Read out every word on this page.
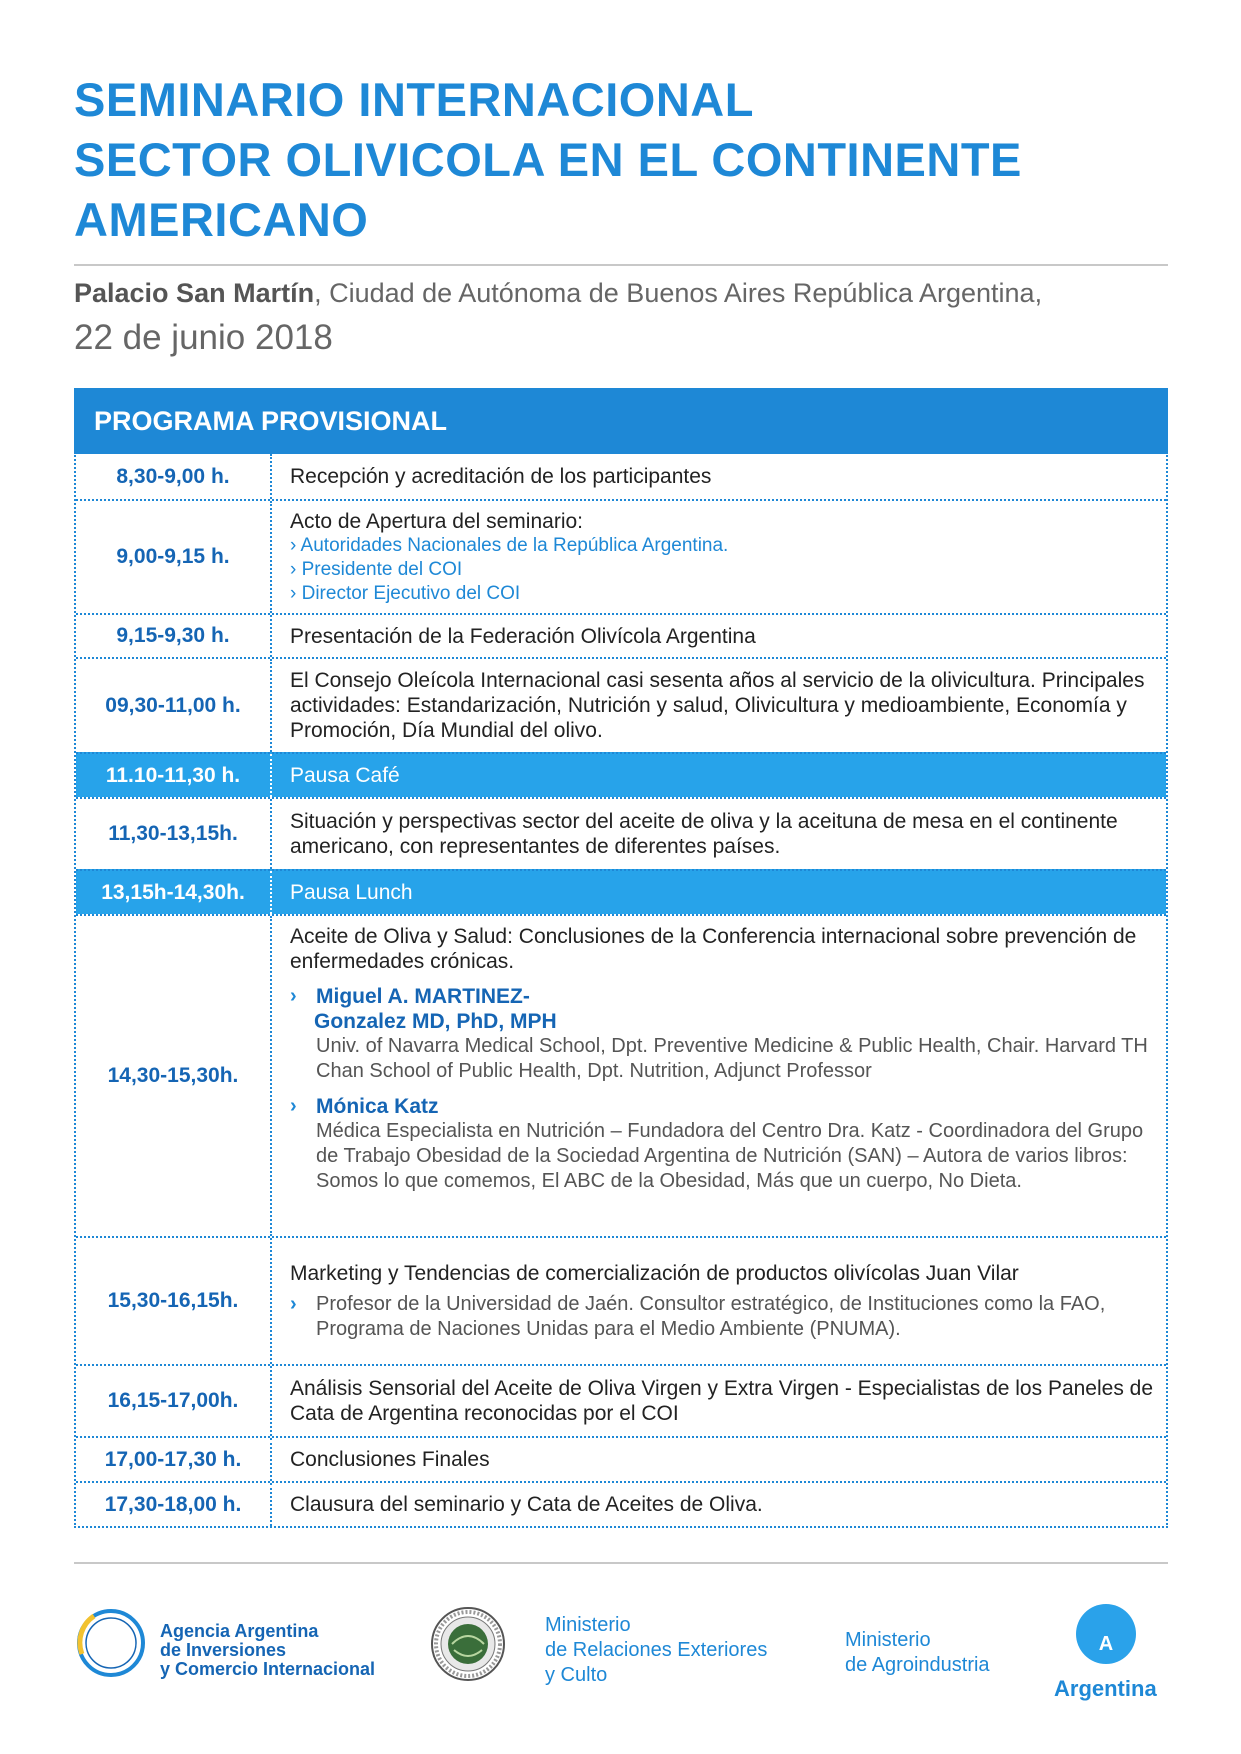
SEMINARIO INTERNACIONAL
SECTOR OLIVICOLA EN EL CONTINENTE
AMERICANO
Palacio San Martín, Ciudad de Autónoma de Buenos Aires República Argentina,
22 de junio 2018
PROGRAMA PROVISIONAL
8,30-9,00 h.	Recepción y acreditación de los participantes
9,00-9,15 h.
Acto de Apertura del seminario:
› Autoridades Nacionales de la República Argentina.
› Presidente del COI
› Director Ejecutivo del COI
9,15-9,30 h.	Presentación de la Federación Olivícola Argentina
09,30-11,00 h.
El Consejo Oleícola Internacional casi sesenta años al servicio de la olivicultura. Principales actividades: Estandarización, Nutrición y salud, Olivicultura y medioambiente, Economía y Promoción, Día Mundial del olivo.
11.10-11,30 h.	Pausa Café
11,30-13,15h.
Situación y perspectivas sector del aceite de oliva y la aceituna de mesa en el continente americano, con representantes de diferentes países.
13,15h-14,30h.	Pausa Lunch
14,30-15,30h.
Aceite de Oliva y Salud: Conclusiones de la Conferencia internacional sobre prevención de enfermedades crónicas.
› Miguel A. MARTINEZ-
Gonzalez MD, PhD, MPH
Univ. of Navarra Medical School, Dpt. Preventive Medicine & Public Health, Chair. Harvard TH Chan School of Public Health, Dpt. Nutrition, Adjunct Professor
› Mónica Katz
Médica Especialista en Nutrición – Fundadora del Centro Dra. Katz - Coordinadora del Grupo de Trabajo Obesidad de la Sociedad Argentina de Nutrición (SAN) – Autora de varios libros: Somos lo que comemos, El ABC de la Obesidad, Más que un cuerpo, No Dieta.
15,30-16,15h.
Marketing y Tendencias de comercialización de productos olivícolas Juan Vilar
› Profesor de la Universidad de Jaén. Consultor estratégico, de Instituciones como la FAO, Programa de Naciones Unidas para el Medio Ambiente (PNUMA).
16,15-17,00h.
Análisis Sensorial del Aceite de Oliva Virgen y Extra Virgen - Especialistas de los Paneles de Cata de Argentina reconocidas por el COI
17,00-17,30 h.	Conclusiones Finales
17,30-18,00 h.	Clausura del seminario y Cata de Aceites de Oliva.
Agencia Argentina
de Inversiones
y Comercio Internacional
Ministerio
de Relaciones Exteriores
y Culto
Ministerio
de Agroindustria
A
Argentina
